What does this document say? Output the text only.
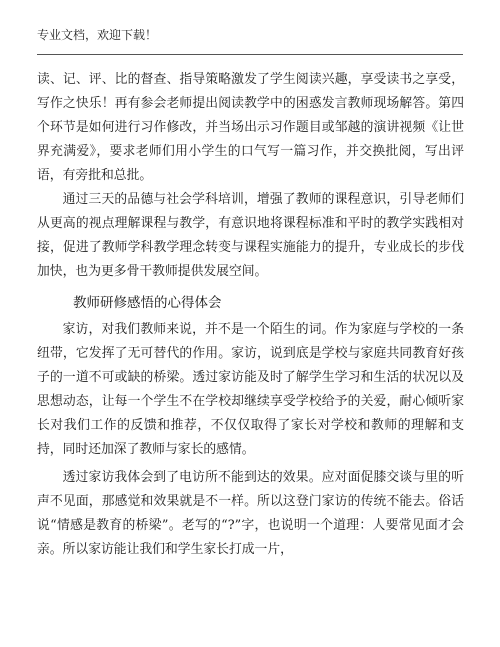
专业文档，欢迎下载！

读、记、评、比的督查、指导策略激发了学生阅读兴趣，享受读书之享受，写作之快乐！再有参会老师提出阅读教学中的困惑发言教师现场解答。第四个环节是如何进行习作修改，并当场出示习作题目或邹越的演讲视频《让世界充满爱》，要求老师们用小学生的口气写一篇习作，并交换批阅，写出评语，有旁批和总批。

通过三天的品德与社会学科培训，增强了教师的课程意识，引导老师们从更高的视点理解课程与教学，有意识地将课程标准和平时的教学实践相对接，促进了教师学科教学理念转变与课程实施能力的提升，专业成长的步伐加快，也为更多骨干教师提供发展空间。

教师研修感悟的心得体会

家访，对我们教师来说，并不是一个陌生的词。作为家庭与学校的一条纽带，它发挥了无可替代的作用。家访，说到底是学校与家庭共同教育好孩子的一道不可或缺的桥梁。透过家访能及时了解学生学习和生活的状况以及思想动态，让每一个学生不在学校却继续享受学校给予的关爱，耐心倾听家长对我们工作的反馈和推荐，不仅仅取得了家长对学校和教师的理解和支持，同时还加深了教师与家长的感情。

透过家访我体会到了电访所不能到达的效果。应对面促膝交谈与里的听声不见面，那感觉和效果就是不一样。所以这登门家访的传统不能去。俗话说“情感是教育的桥梁”。老写的“?”字，也说明一个道理：人要常见面才会亲。所以家访能让我们和学生家长打成一片，
